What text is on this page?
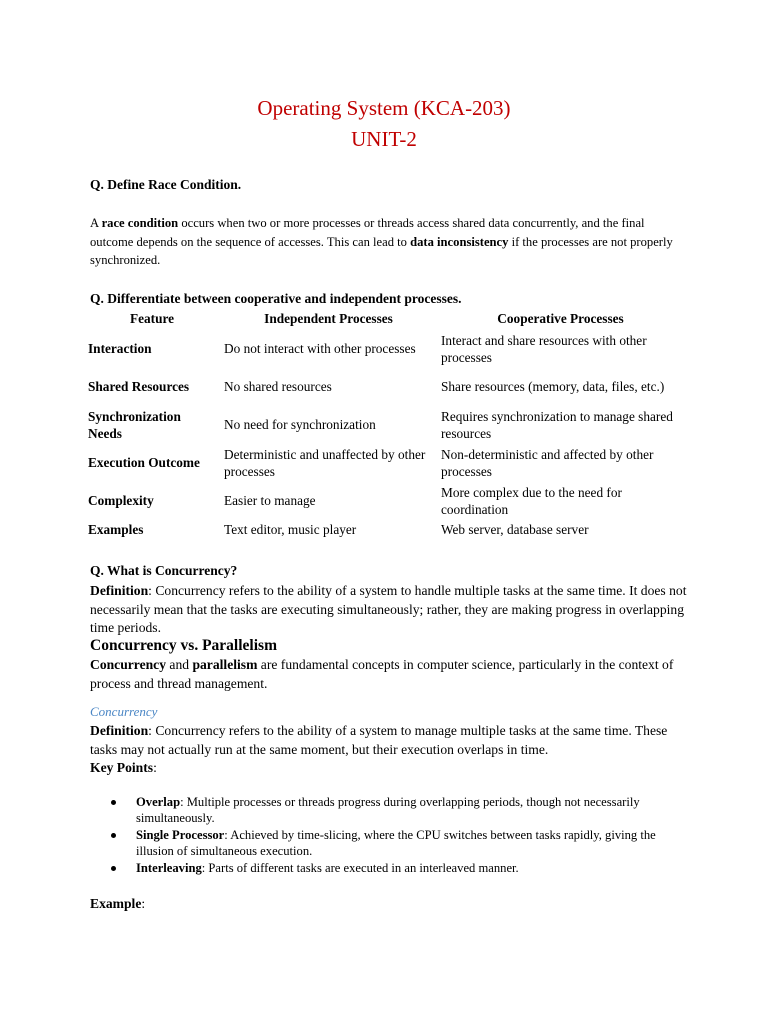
Operating System (KCA-203)
UNIT-2

Q. Define Race Condition.

A race condition occurs when two or more processes or threads access shared data concurrently, and the final outcome depends on the sequence of accesses. This can lead to data inconsistency if the processes are not properly synchronized.

Q. Differentiate between cooperative and independent processes.

Feature	Independent Processes	Cooperative Processes
Interaction	Do not interact with other processes	Interact and share resources with other processes
Shared Resources	No shared resources	Share resources (memory, data, files, etc.)
Synchronization Needs	No need for synchronization	Requires synchronization to manage shared resources
Execution Outcome	Deterministic and unaffected by other processes	Non-deterministic and affected by other processes
Complexity	Easier to manage	More complex due to the need for coordination
Examples	Text editor, music player	Web server, database server

Q. What is Concurrency?

Definition: Concurrency refers to the ability of a system to handle multiple tasks at the same time. It does not necessarily mean that the tasks are executing simultaneously; rather, they are making progress in overlapping time periods.

Concurrency vs. Parallelism

Concurrency and parallelism are fundamental concepts in computer science, particularly in the context of process and thread management.

Concurrency

Definition: Concurrency refers to the ability of a system to manage multiple tasks at the same time. These tasks may not actually run at the same moment, but their execution overlaps in time.

Key Points:

Overlap: Multiple processes or threads progress during overlapping periods, though not necessarily simultaneously.
Single Processor: Achieved by time-slicing, where the CPU switches between tasks rapidly, giving the illusion of simultaneous execution.
Interleaving: Parts of different tasks are executed in an interleaved manner.

Example:
